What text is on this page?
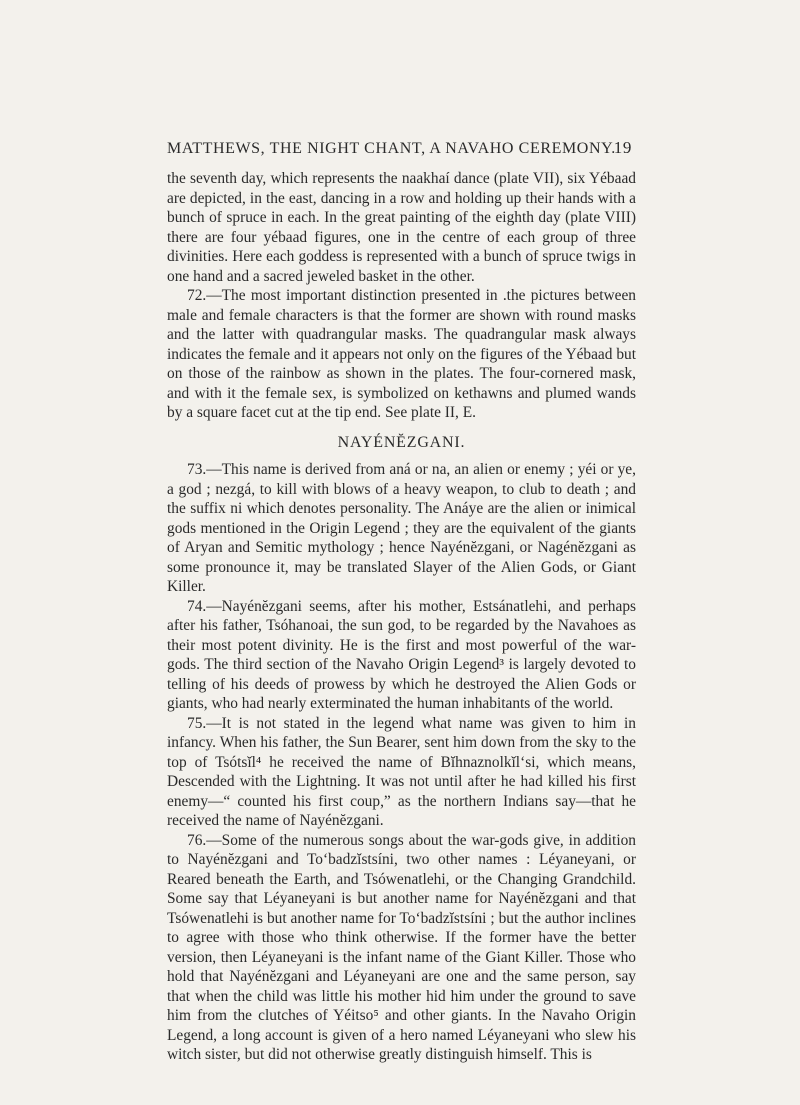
MATTHEWS, THE NIGHT CHANT, A NAVAHO CEREMONY.
19

the seventh day, which represents the naakhaí dance (plate VII), six Yébaad are depicted, in the east, dancing in a row and holding up their hands with a bunch of spruce in each. In the great painting of the eighth day (plate VIII) there are four yébaad figures, one in the centre of each group of three divinities. Here each goddess is represented with a bunch of spruce twigs in one hand and a sacred jeweled basket in the other.

72.—The most important distinction presented in .the pictures between male and female characters is that the former are shown with round masks and the latter with quadrangular masks. The quadrangular mask always indicates the female and it appears not only on the figures of the Yébaad but on those of the rainbow as shown in the plates. The four-cornered mask, and with it the female sex, is symbolized on kethawns and plumed wands by a square facet cut at the tip end. See plate II, E.

NAYÉNĔZGANI.

73.—This name is derived from aná or na, an alien or enemy ; yéi or ye, a god ; nezgá, to kill with blows of a heavy weapon, to club to death ; and the suffix ni which denotes personality. The Anáye are the alien or inimical gods mentioned in the Origin Legend ; they are the equivalent of the giants of Aryan and Semitic mythology ; hence Nayénĕzgani, or Nagénĕzgani as some pronounce it, may be translated Slayer of the Alien Gods, or Giant Killer.

74.—Nayénĕzgani seems, after his mother, Estsánatlehi, and perhaps after his father, Tsóhanoai, the sun god, to be regarded by the Navahoes as their most potent divinity. He is the first and most powerful of the war-gods. The third section of the Navaho Origin Legend³ is largely devoted to telling of his deeds of prowess by which he destroyed the Alien Gods or giants, who had nearly exterminated the human inhabitants of the world.

75.—It is not stated in the legend what name was given to him in infancy. When his father, the Sun Bearer, sent him down from the sky to the top of Tsótsĭl⁴ he received the name of Bĭhnaznolkĭlʻsi, which means, Descended with the Lightning. It was not until after he had killed his first enemy—“ counted his first coup,” as the northern Indians say—that he received the name of Nayénĕzgani.

76.—Some of the numerous songs about the war-gods give, in addition to Nayénĕzgani and Toʻbadzĭstsíni, two other names : Léyaneyani, or Reared beneath the Earth, and Tsówenatlehi, or the Changing Grandchild. Some say that Léyaneyani is but another name for Nayénĕzgani and that Tsówenatlehi is but another name for Toʻbadzĭstsíni ; but the author inclines to agree with those who think otherwise. If the former have the better version, then Léyaneyani is the infant name of the Giant Killer. Those who hold that Nayénĕzgani and Léyaneyani are one and the same person, say that when the child was little his mother hid him under the ground to save him from the clutches of Yéitso⁵ and other giants. In the Navaho Origin Legend, a long account is given of a hero named Léyaneyani who slew his witch sister, but did not otherwise greatly distinguish himself. This is
